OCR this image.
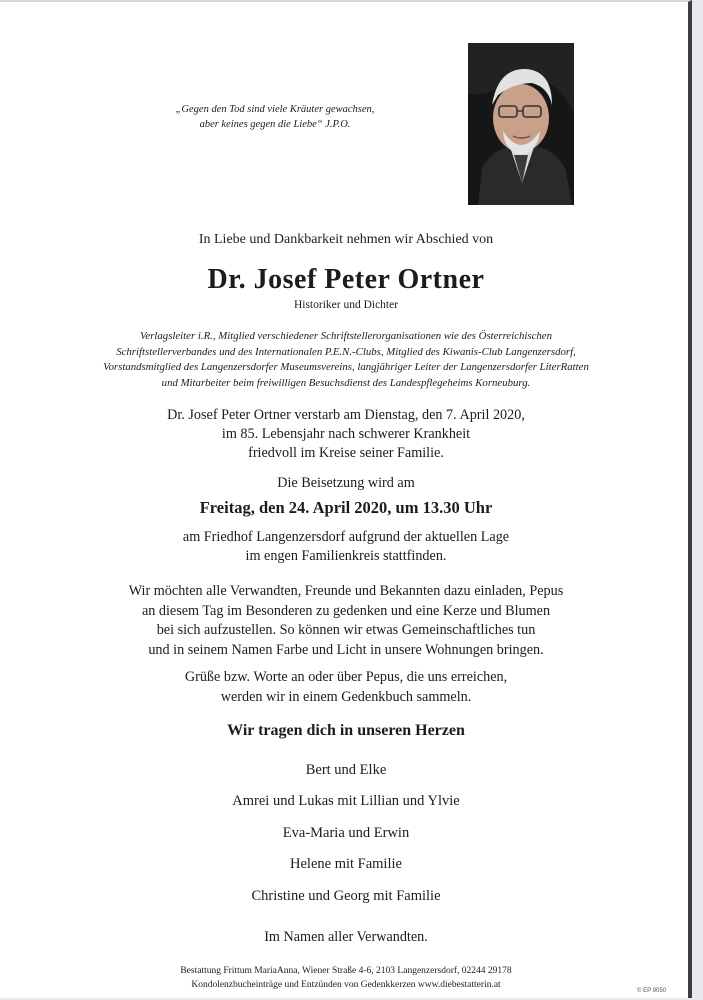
„Gegen den Tod sind viele Kräuter gewachsen,
aber keines gegen die Liebe“ J.P.O.
In Liebe und Dankbarkeit nehmen wir Abschied von
Dr. Josef Peter Ortner
Historiker und Dichter
Verlagsleiter i.R., Mitglied verschiedener Schriftstellerorganisationen wie des Österreichischen
Schriftstellerverbandes und des Internationalen P.E.N.-Clubs, Mitglied des Kiwanis-Club Langenzersdorf,
Vorstandsmitglied des Langenzersdorfer Museumsvereins, langjähriger Leiter der Langenzersdorfer LiterRatten
und Mitarbeiter beim freiwilligen Besuchsdienst des Landespflegeheims Korneuburg.
Dr. Josef Peter Ortner verstarb am Dienstag, den 7. April 2020,
im 85. Lebensjahr nach schwerer Krankheit
friedvoll im Kreise seiner Familie.
Die Beisetzung wird am
Freitag, den 24. April 2020, um 13.30 Uhr
am Friedhof Langenzersdorf aufgrund der aktuellen Lage
im engen Familienkreis stattfinden.
Wir möchten alle Verwandten, Freunde und Bekannten dazu einladen, Pepus
an diesem Tag im Besonderen zu gedenken und eine Kerze und Blumen
bei sich aufzustellen. So können wir etwas Gemeinschaftliches tun
und in seinem Namen Farbe und Licht in unsere Wohnungen bringen.
Grüße bzw. Worte an oder über Pepus, die uns erreichen,
werden wir in einem Gedenkbuch sammeln.
Wir tragen dich in unseren Herzen
Bert und Elke
Amrei und Lukas mit Lillian und Ylvie
Eva-Maria und Erwin
Helene mit Familie
Christine und Georg mit Familie
Im Namen aller Verwandten.
Bestattung Frittum MariaAnna, Wiener Straße 4-6, 2103 Langenzersdorf, 02244 29178
Kondolenzbucheinträge und Entzünden von Gedenkkerzen www.diebestatterin.at
© EP 9050
